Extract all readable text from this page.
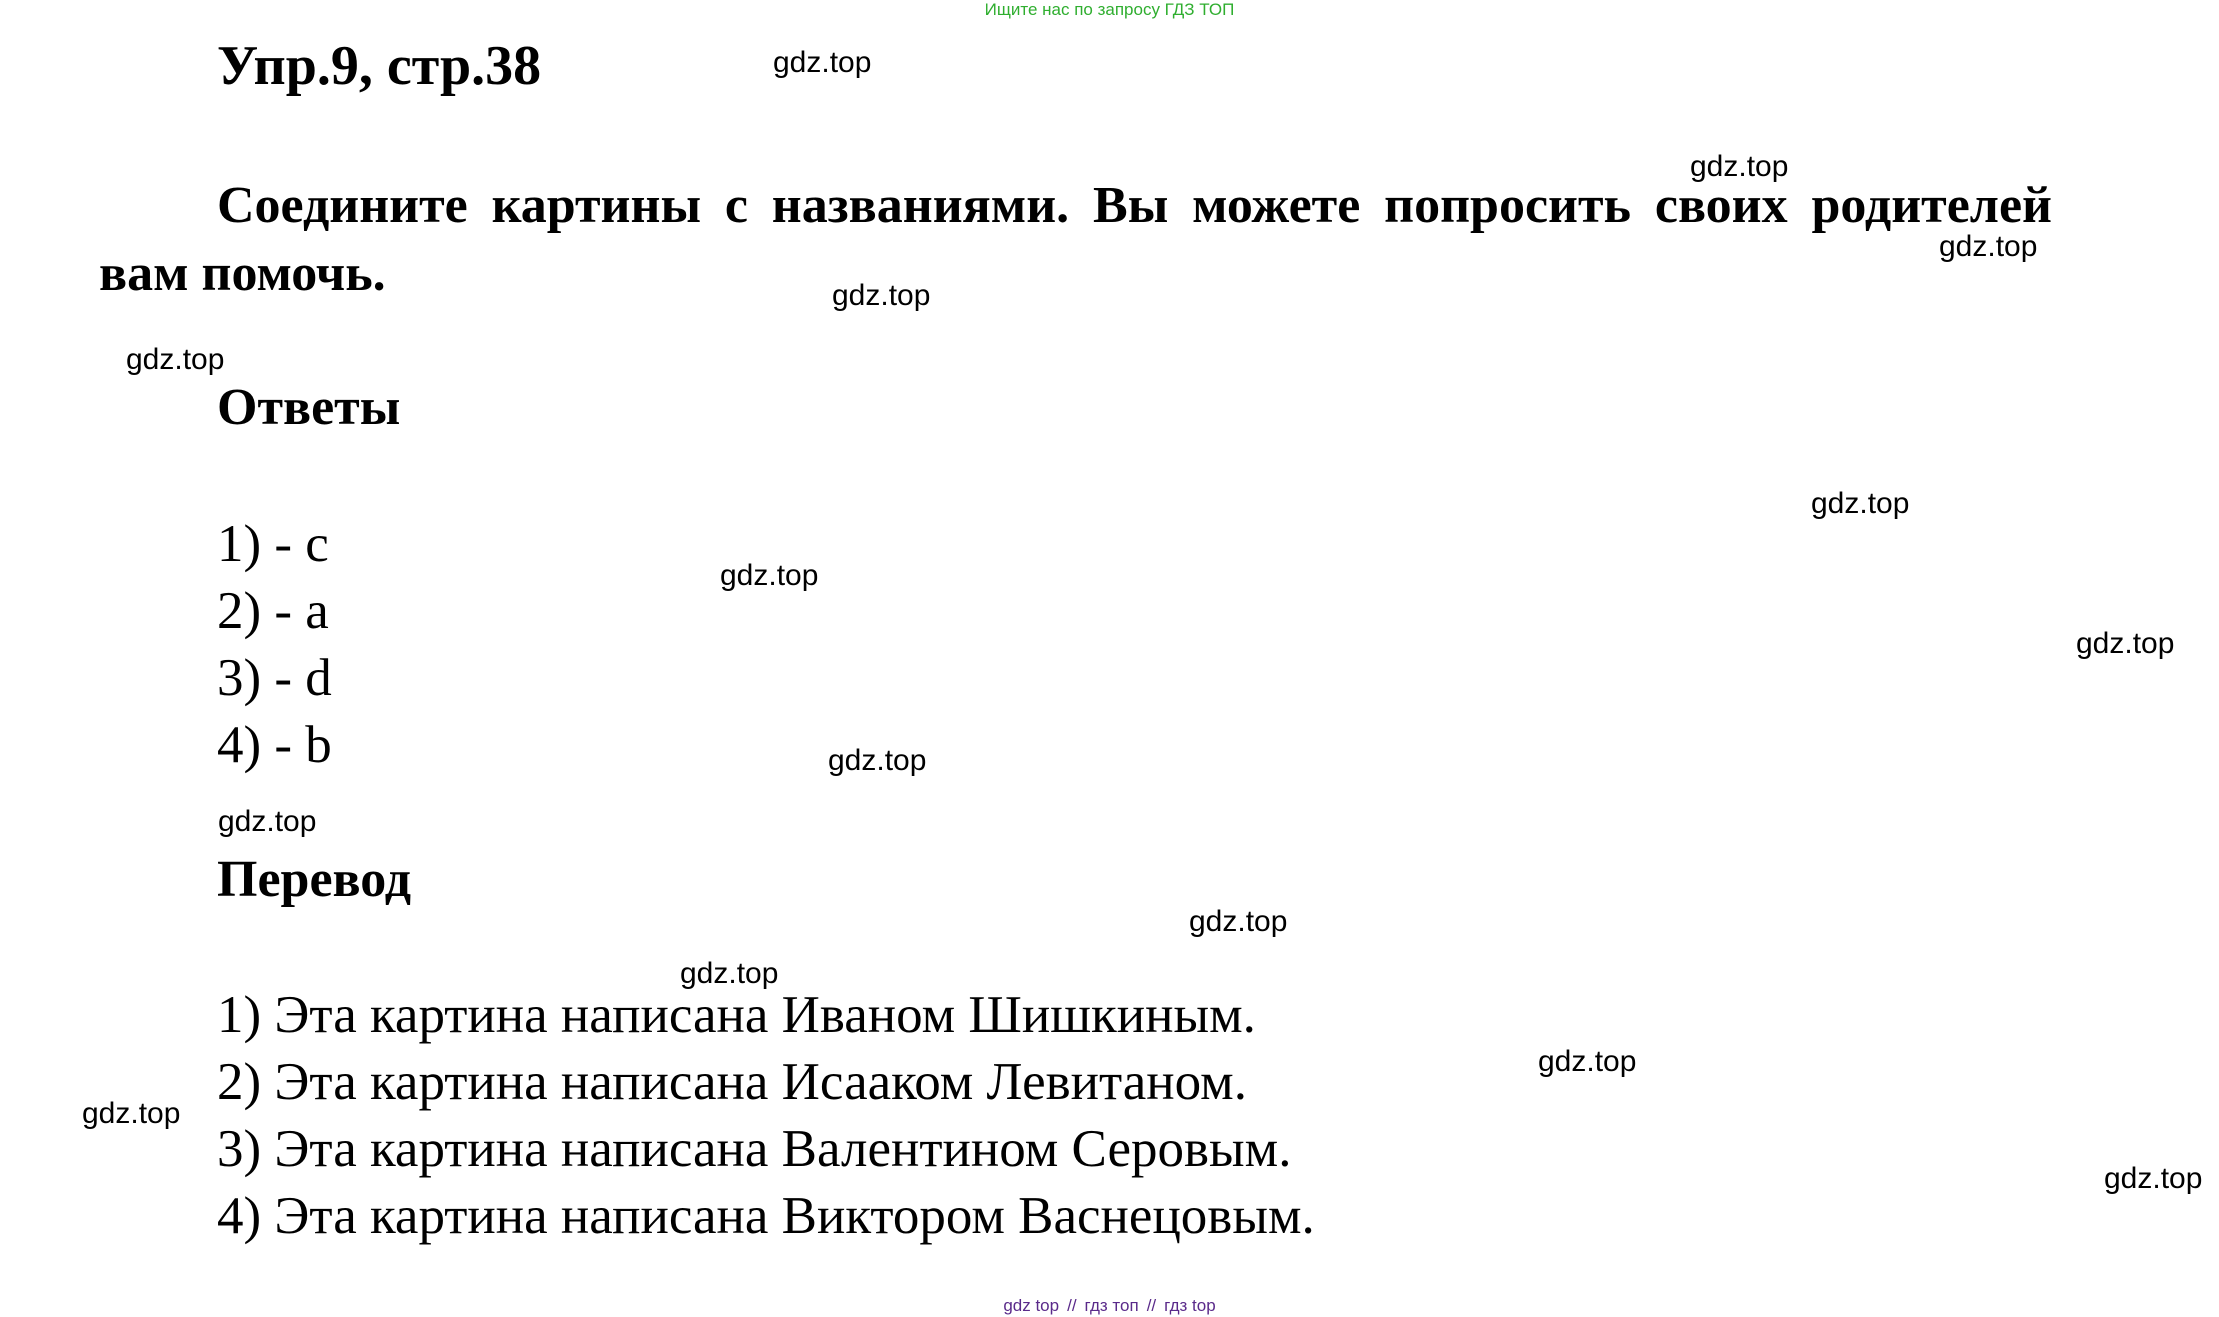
Ищите нас по запросу ГДЗ ТОП
Упр.9, стр.38
Соедините картины с названиями. Вы можете попросить своих родителей вам помочь.
Ответы
1) - c
2) - a
3) - d
4) - b
Перевод
1) Эта картина написана Иваном Шишкиным.
2) Эта картина написана Исааком Левитаном.
3) Эта картина написана Валентином Серовым.
4) Эта картина написана Виктором Васнецовым.
gdz.top
gdz.top
gdz.top
gdz.top
gdz.top
gdz.top
gdz.top
gdz.top
gdz.top
gdz.top
gdz.top
gdz.top
gdz.top
gdz.top
gdz.top
gdz top // гдз топ // гдз top
